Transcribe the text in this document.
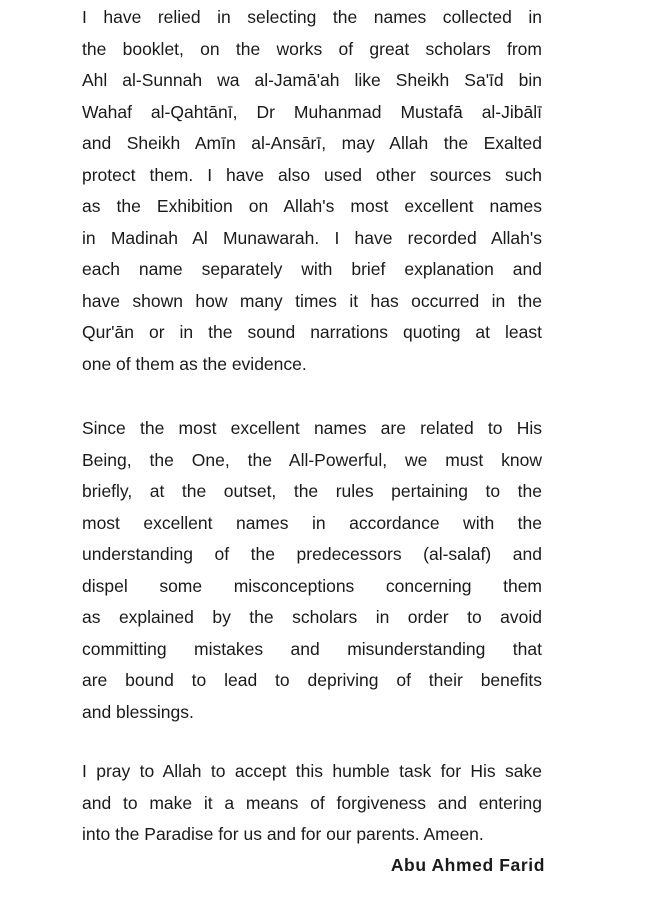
I have relied in selecting the names collected in
the booklet, on the works of great scholars from
Ahl al-Sunnah wa al-Jamā'ah like Sheikh Sa'īd bin
Wahaf al-Qahtānī, Dr Muhanmad Mustafā al-Jibālī
and Sheikh Amīn al-Ansārī, may Allah the Exalted
protect them. I have also used other sources such
as the Exhibition on Allah's most excellent names
in Madinah Al Munawarah. I have recorded Allah's
each name separately with brief explanation and
have shown how many times it has occurred in the
Qur'ān or in the sound narrations quoting at least
one of them as the evidence.
Since the most excellent names are related to His
Being, the One, the All-Powerful, we must know
briefly, at the outset, the rules pertaining to the
most excellent names in accordance with the
understanding of the predecessors (al-salaf) and
dispel some misconceptions concerning them
as explained by the scholars in order to avoid
committing mistakes and misunderstanding that
are bound to lead to depriving of their benefits
and blessings.
I pray to Allah to accept this humble task for His sake
and to make it a means of forgiveness and entering
into the Paradise for us and for our parents. Ameen.
Abu Ahmed Farid
